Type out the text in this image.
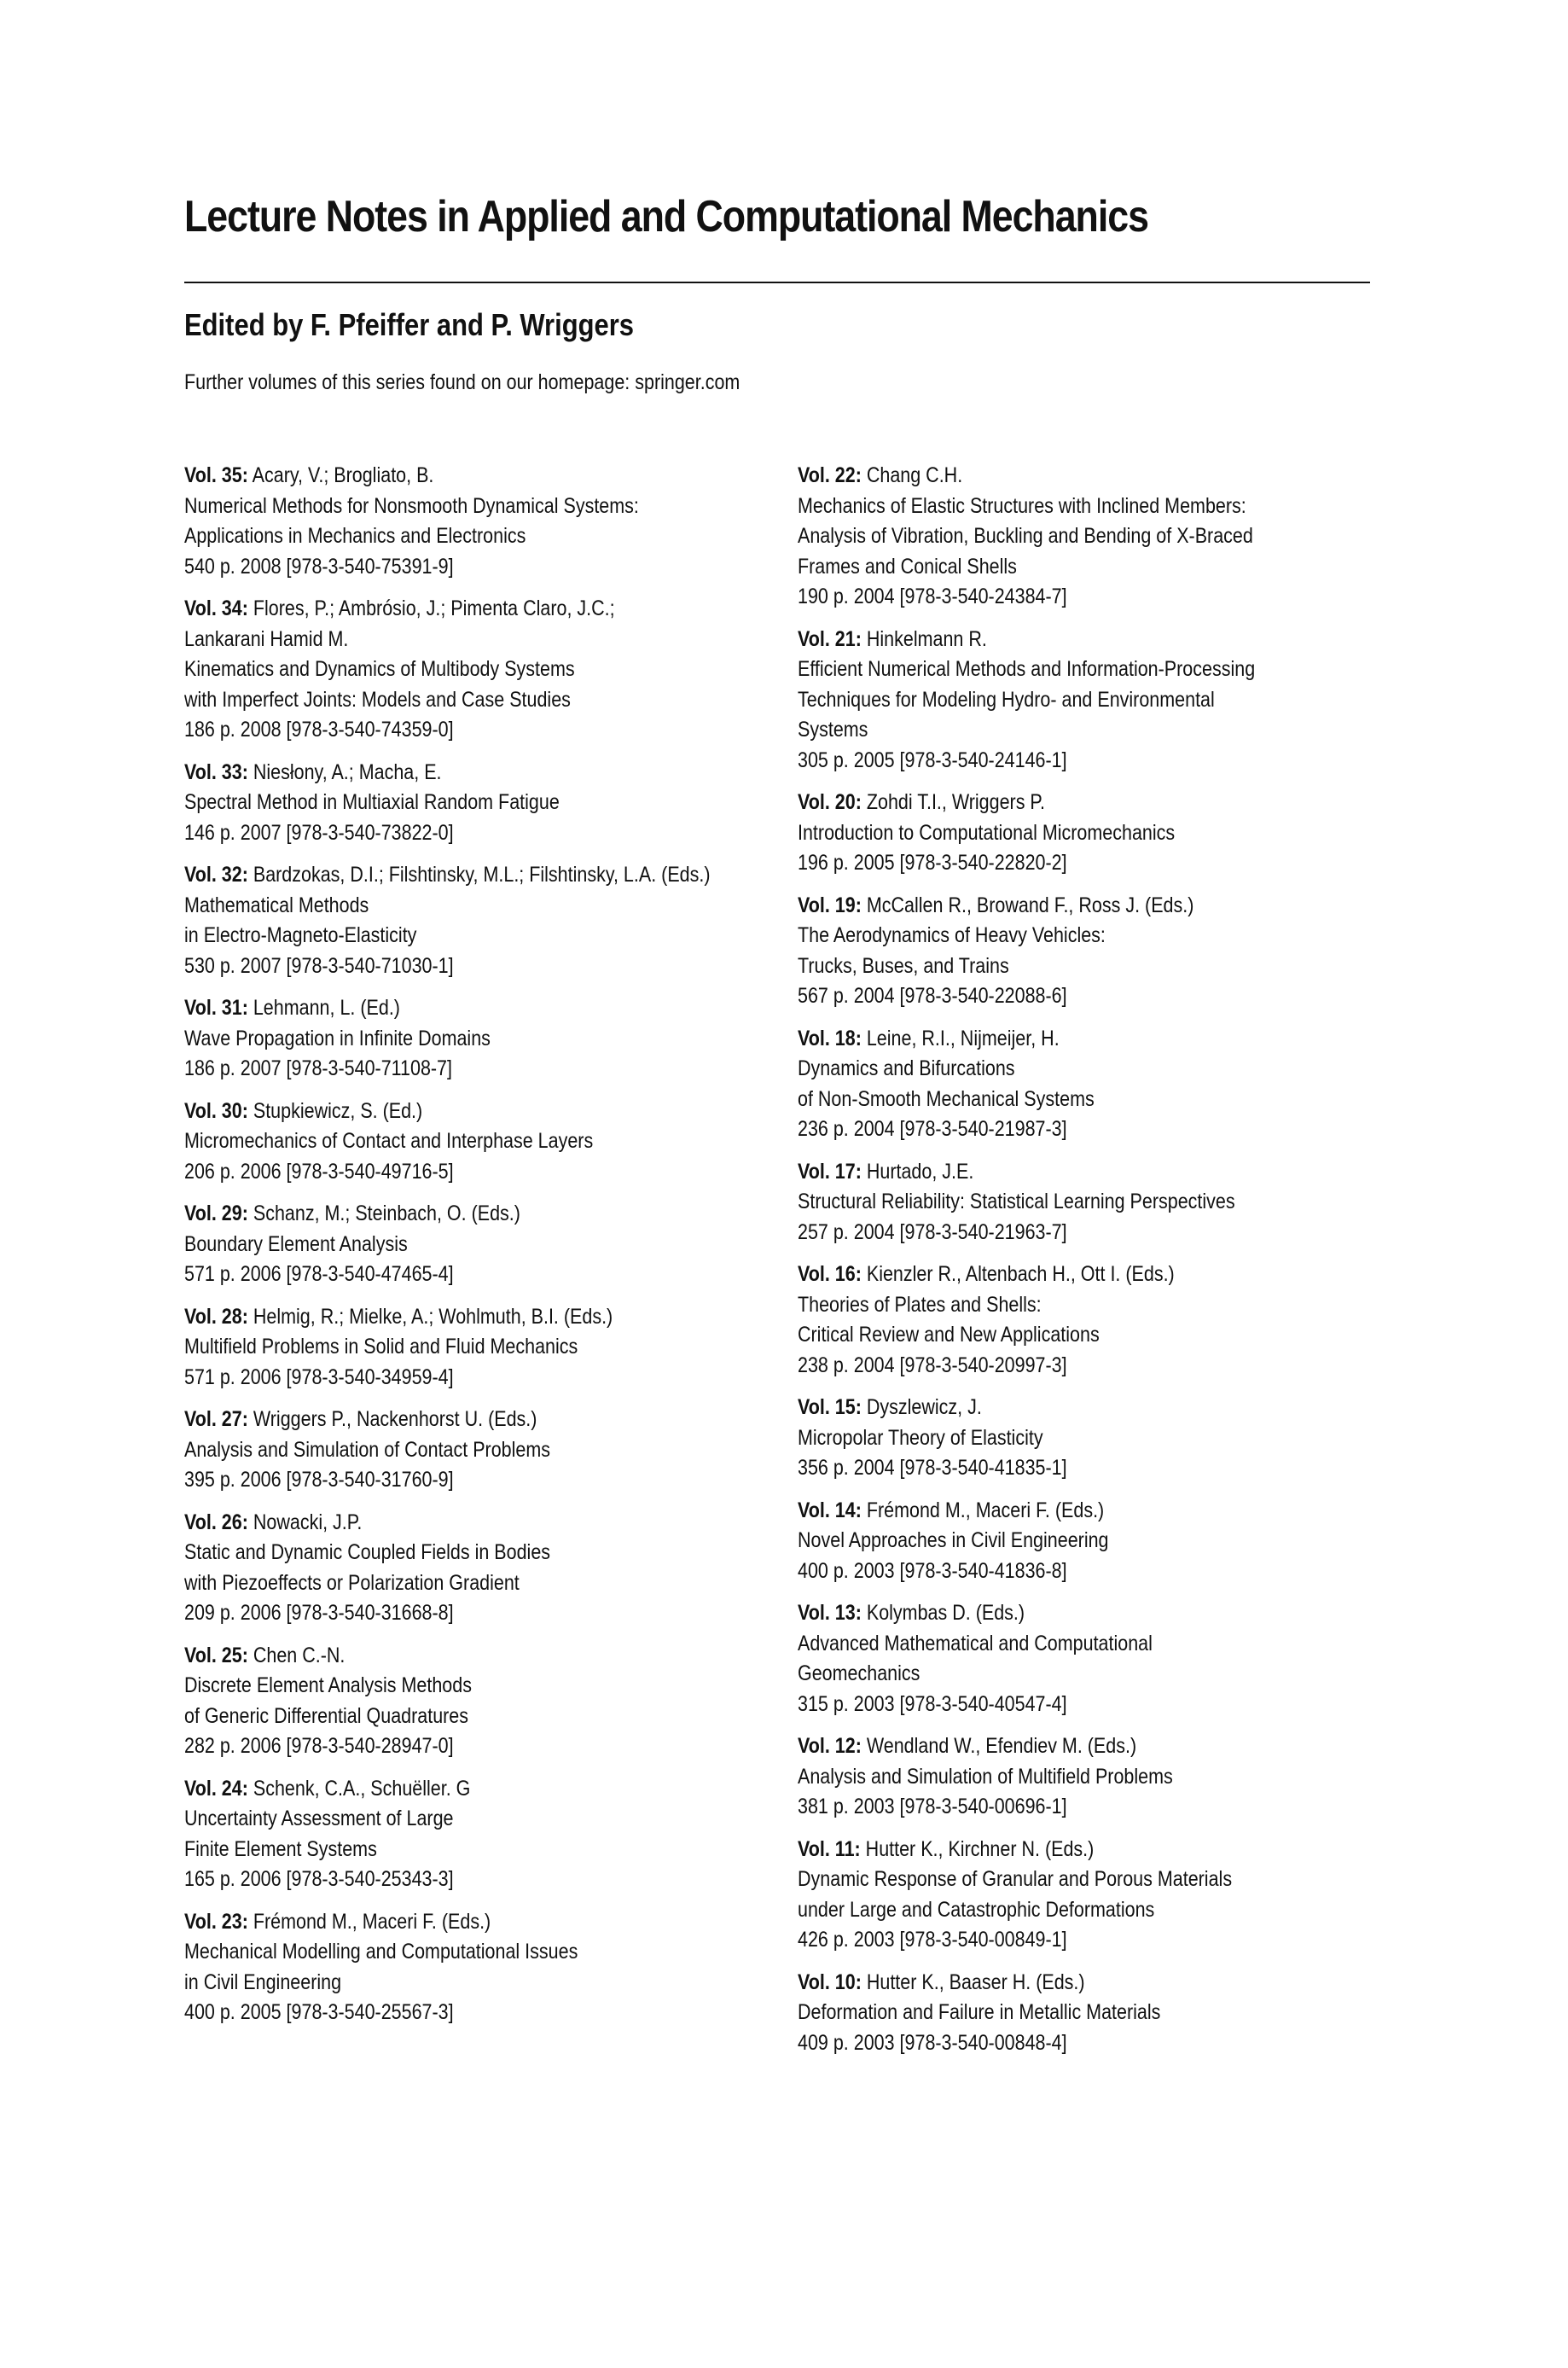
Lecture Notes in Applied and Computational Mechanics
Edited by F. Pfeiffer and P. Wriggers
Further volumes of this series found on our homepage: springer.com
Vol. 35: Acary, V.; Brogliato, B.
Numerical Methods for Nonsmooth Dynamical Systems:
Applications in Mechanics and Electronics
540 p. 2008 [978-3-540-75391-9]
Vol. 34: Flores, P.; Ambrósio, J.; Pimenta Claro, J.C.;
Lankarani Hamid M.
Kinematics and Dynamics of Multibody Systems
with Imperfect Joints: Models and Case Studies
186 p. 2008 [978-3-540-74359-0]
Vol. 33: Niesłony, A.; Macha, E.
Spectral Method in Multiaxial Random Fatigue
146 p. 2007 [978-3-540-73822-0]
Vol. 32: Bardzokas, D.I.; Filshtinsky, M.L.; Filshtinsky, L.A. (Eds.)
Mathematical Methods
in Electro-Magneto-Elasticity
530 p. 2007 [978-3-540-71030-1]
Vol. 31: Lehmann, L. (Ed.)
Wave Propagation in Infinite Domains
186 p. 2007 [978-3-540-71108-7]
Vol. 30: Stupkiewicz, S. (Ed.)
Micromechanics of Contact and Interphase Layers
206 p. 2006 [978-3-540-49716-5]
Vol. 29: Schanz, M.; Steinbach, O. (Eds.)
Boundary Element Analysis
571 p. 2006 [978-3-540-47465-4]
Vol. 28: Helmig, R.; Mielke, A.; Wohlmuth, B.I. (Eds.)
Multifield Problems in Solid and Fluid Mechanics
571 p. 2006 [978-3-540-34959-4]
Vol. 27: Wriggers P., Nackenhorst U. (Eds.)
Analysis and Simulation of Contact Problems
395 p. 2006 [978-3-540-31760-9]
Vol. 26: Nowacki, J.P.
Static and Dynamic Coupled Fields in Bodies
with Piezoeffects or Polarization Gradient
209 p. 2006 [978-3-540-31668-8]
Vol. 25: Chen C.-N.
Discrete Element Analysis Methods
of Generic Differential Quadratures
282 p. 2006 [978-3-540-28947-0]
Vol. 24: Schenk, C.A., Schuëller. G
Uncertainty Assessment of Large
Finite Element Systems
165 p. 2006 [978-3-540-25343-3]
Vol. 23: Frémond M., Maceri F. (Eds.)
Mechanical Modelling and Computational Issues
in Civil Engineering
400 p. 2005 [978-3-540-25567-3]
Vol. 22: Chang C.H.
Mechanics of Elastic Structures with Inclined Members:
Analysis of Vibration, Buckling and Bending of X-Braced
Frames and Conical Shells
190 p. 2004 [978-3-540-24384-7]
Vol. 21: Hinkelmann R.
Efficient Numerical Methods and Information-Processing
Techniques for Modeling Hydro- and Environmental
Systems
305 p. 2005 [978-3-540-24146-1]
Vol. 20: Zohdi T.I., Wriggers P.
Introduction to Computational Micromechanics
196 p. 2005 [978-3-540-22820-2]
Vol. 19: McCallen R., Browand F., Ross J. (Eds.)
The Aerodynamics of Heavy Vehicles:
Trucks, Buses, and Trains
567 p. 2004 [978-3-540-22088-6]
Vol. 18: Leine, R.I., Nijmeijer, H.
Dynamics and Bifurcations
of Non-Smooth Mechanical Systems
236 p. 2004 [978-3-540-21987-3]
Vol. 17: Hurtado, J.E.
Structural Reliability: Statistical Learning Perspectives
257 p. 2004 [978-3-540-21963-7]
Vol. 16: Kienzler R., Altenbach H., Ott I. (Eds.)
Theories of Plates and Shells:
Critical Review and New Applications
238 p. 2004 [978-3-540-20997-3]
Vol. 15: Dyszlewicz, J.
Micropolar Theory of Elasticity
356 p. 2004 [978-3-540-41835-1]
Vol. 14: Frémond M., Maceri F. (Eds.)
Novel Approaches in Civil Engineering
400 p. 2003 [978-3-540-41836-8]
Vol. 13: Kolymbas D. (Eds.)
Advanced Mathematical and Computational
Geomechanics
315 p. 2003 [978-3-540-40547-4]
Vol. 12: Wendland W., Efendiev M. (Eds.)
Analysis and Simulation of Multifield Problems
381 p. 2003 [978-3-540-00696-1]
Vol. 11: Hutter K., Kirchner N. (Eds.)
Dynamic Response of Granular and Porous Materials
under Large and Catastrophic Deformations
426 p. 2003 [978-3-540-00849-1]
Vol. 10: Hutter K., Baaser H. (Eds.)
Deformation and Failure in Metallic Materials
409 p. 2003 [978-3-540-00848-4]
